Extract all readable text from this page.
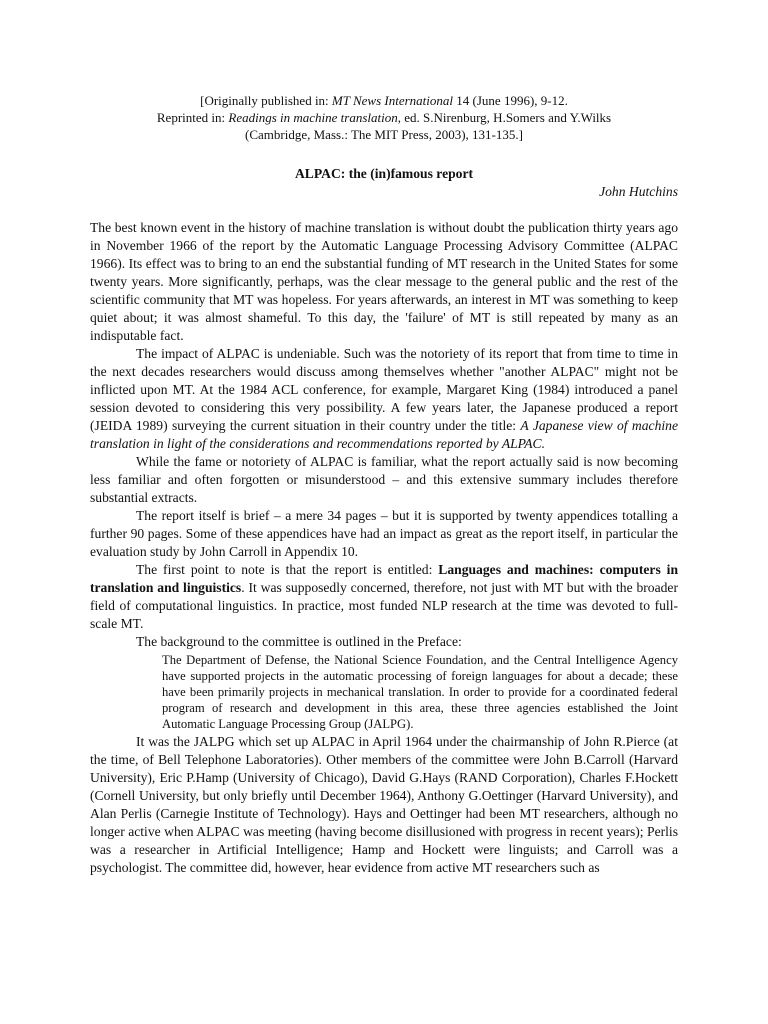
[Originally published in: MT News International 14 (June 1996), 9-12.
Reprinted in: Readings in machine translation, ed. S.Nirenburg, H.Somers and Y.Wilks
(Cambridge, Mass.: The MIT Press, 2003), 131-135.]
ALPAC: the (in)famous report
John Hutchins

The best known event in the history of machine translation is without doubt the publication thirty years ago in November 1966 of the report by the Automatic Language Processing Advisory Committee (ALPAC 1966). Its effect was to bring to an end the substantial funding of MT research in the United States for some twenty years. More significantly, perhaps, was the clear message to the general public and the rest of the scientific community that MT was hopeless. For years afterwards, an interest in MT was something to keep quiet about; it was almost shameful. To this day, the 'failure' of MT is still repeated by many as an indisputable fact.

The impact of ALPAC is undeniable. Such was the notoriety of its report that from time to time in the next decades researchers would discuss among themselves whether "another ALPAC" might not be inflicted upon MT. At the 1984 ACL conference, for example, Margaret King (1984) introduced a panel session devoted to considering this very possibility. A few years later, the Japanese produced a report (JEIDA 1989) surveying the current situation in their country under the title: A Japanese view of machine translation in light of the considerations and recommendations reported by ALPAC.

While the fame or notoriety of ALPAC is familiar, what the report actually said is now becoming less familiar and often forgotten or misunderstood – and this extensive summary includes therefore substantial extracts.

The report itself is brief – a mere 34 pages – but it is supported by twenty appendices totalling a further 90 pages. Some of these appendices have had an impact as great as the report itself, in particular the evaluation study by John Carroll in Appendix 10.

The first point to note is that the report is entitled: Languages and machines: computers in translation and linguistics. It was supposedly concerned, therefore, not just with MT but with the broader field of computational linguistics. In practice, most funded NLP research at the time was devoted to full-scale MT.

The background to the committee is outlined in the Preface:

The Department of Defense, the National Science Foundation, and the Central Intelligence Agency have supported projects in the automatic processing of foreign languages for about a decade; these have been primarily projects in mechanical translation. In order to provide for a coordinated federal program of research and development in this area, these three agencies established the Joint Automatic Language Processing Group (JALPG).

It was the JALPG which set up ALPAC in April 1964 under the chairmanship of John R.Pierce (at the time, of Bell Telephone Laboratories). Other members of the committee were John B.Carroll (Harvard University), Eric P.Hamp (University of Chicago), David G.Hays (RAND Corporation), Charles F.Hockett (Cornell University, but only briefly until December 1964), Anthony G.Oettinger (Harvard University), and Alan Perlis (Carnegie Institute of Technology). Hays and Oettinger had been MT researchers, although no longer active when ALPAC was meeting (having become disillusioned with progress in recent years); Perlis was a researcher in Artificial Intelligence; Hamp and Hockett were linguists; and Carroll was a psychologist. The committee did, however, hear evidence from active MT researchers such as
